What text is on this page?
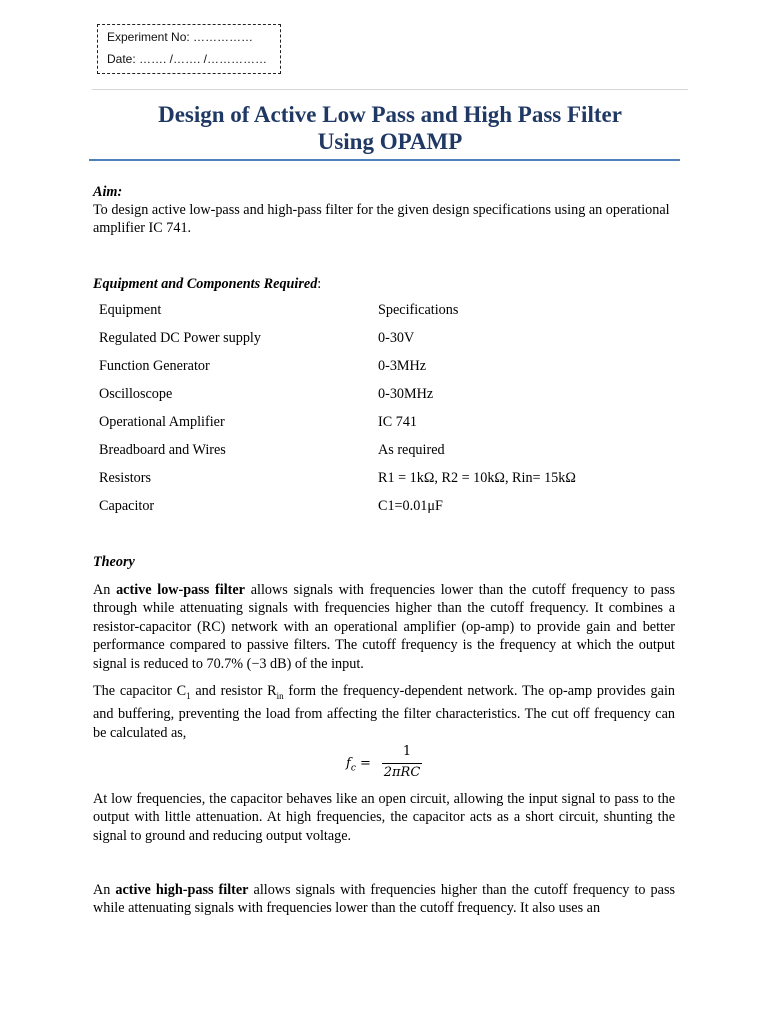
Experiment No: ……………
Date: ……. /……. /……………
Design of Active Low Pass and High Pass Filter
Using OPAMP
Aim:
To design active low-pass and high-pass filter for the given design specifications using an operational amplifier IC 741.
Equipment and Components Required:
Equipment	Specifications
Regulated DC Power supply	0-30V
Function Generator	0-3MHz
Oscilloscope	0-30MHz
Operational Amplifier	IC 741
Breadboard and Wires	As required
Resistors	R1 = 1kΩ, R2 = 10kΩ, Rin= 15kΩ
Capacitor	C1=0.01μF
Theory
An active low-pass filter allows signals with frequencies lower than the cutoff frequency to pass through while attenuating signals with frequencies higher than the cutoff frequency. It combines a resistor-capacitor (RC) network with an operational amplifier (op-amp) to provide gain and better performance compared to passive filters. The cutoff frequency is the frequency at which the output signal is reduced to 70.7% (−3 dB) of the input.
The capacitor $C_1$ and resistor $R_{in}$ form the frequency-dependent network. The op-amp provides gain and buffering, preventing the load from affecting the filter characteristics. The cut off frequency can be calculated as,
$f_c$ =
1
2πRC
At low frequencies, the capacitor behaves like an open circuit, allowing the input signal to pass to the output with little attenuation. At high frequencies, the capacitor acts as a short circuit, shunting the signal to ground and reducing output voltage.
An active high-pass filter allows signals with frequencies higher than the cutoff frequency to pass while attenuating signals with frequencies lower than the cutoff frequency. It also uses an
